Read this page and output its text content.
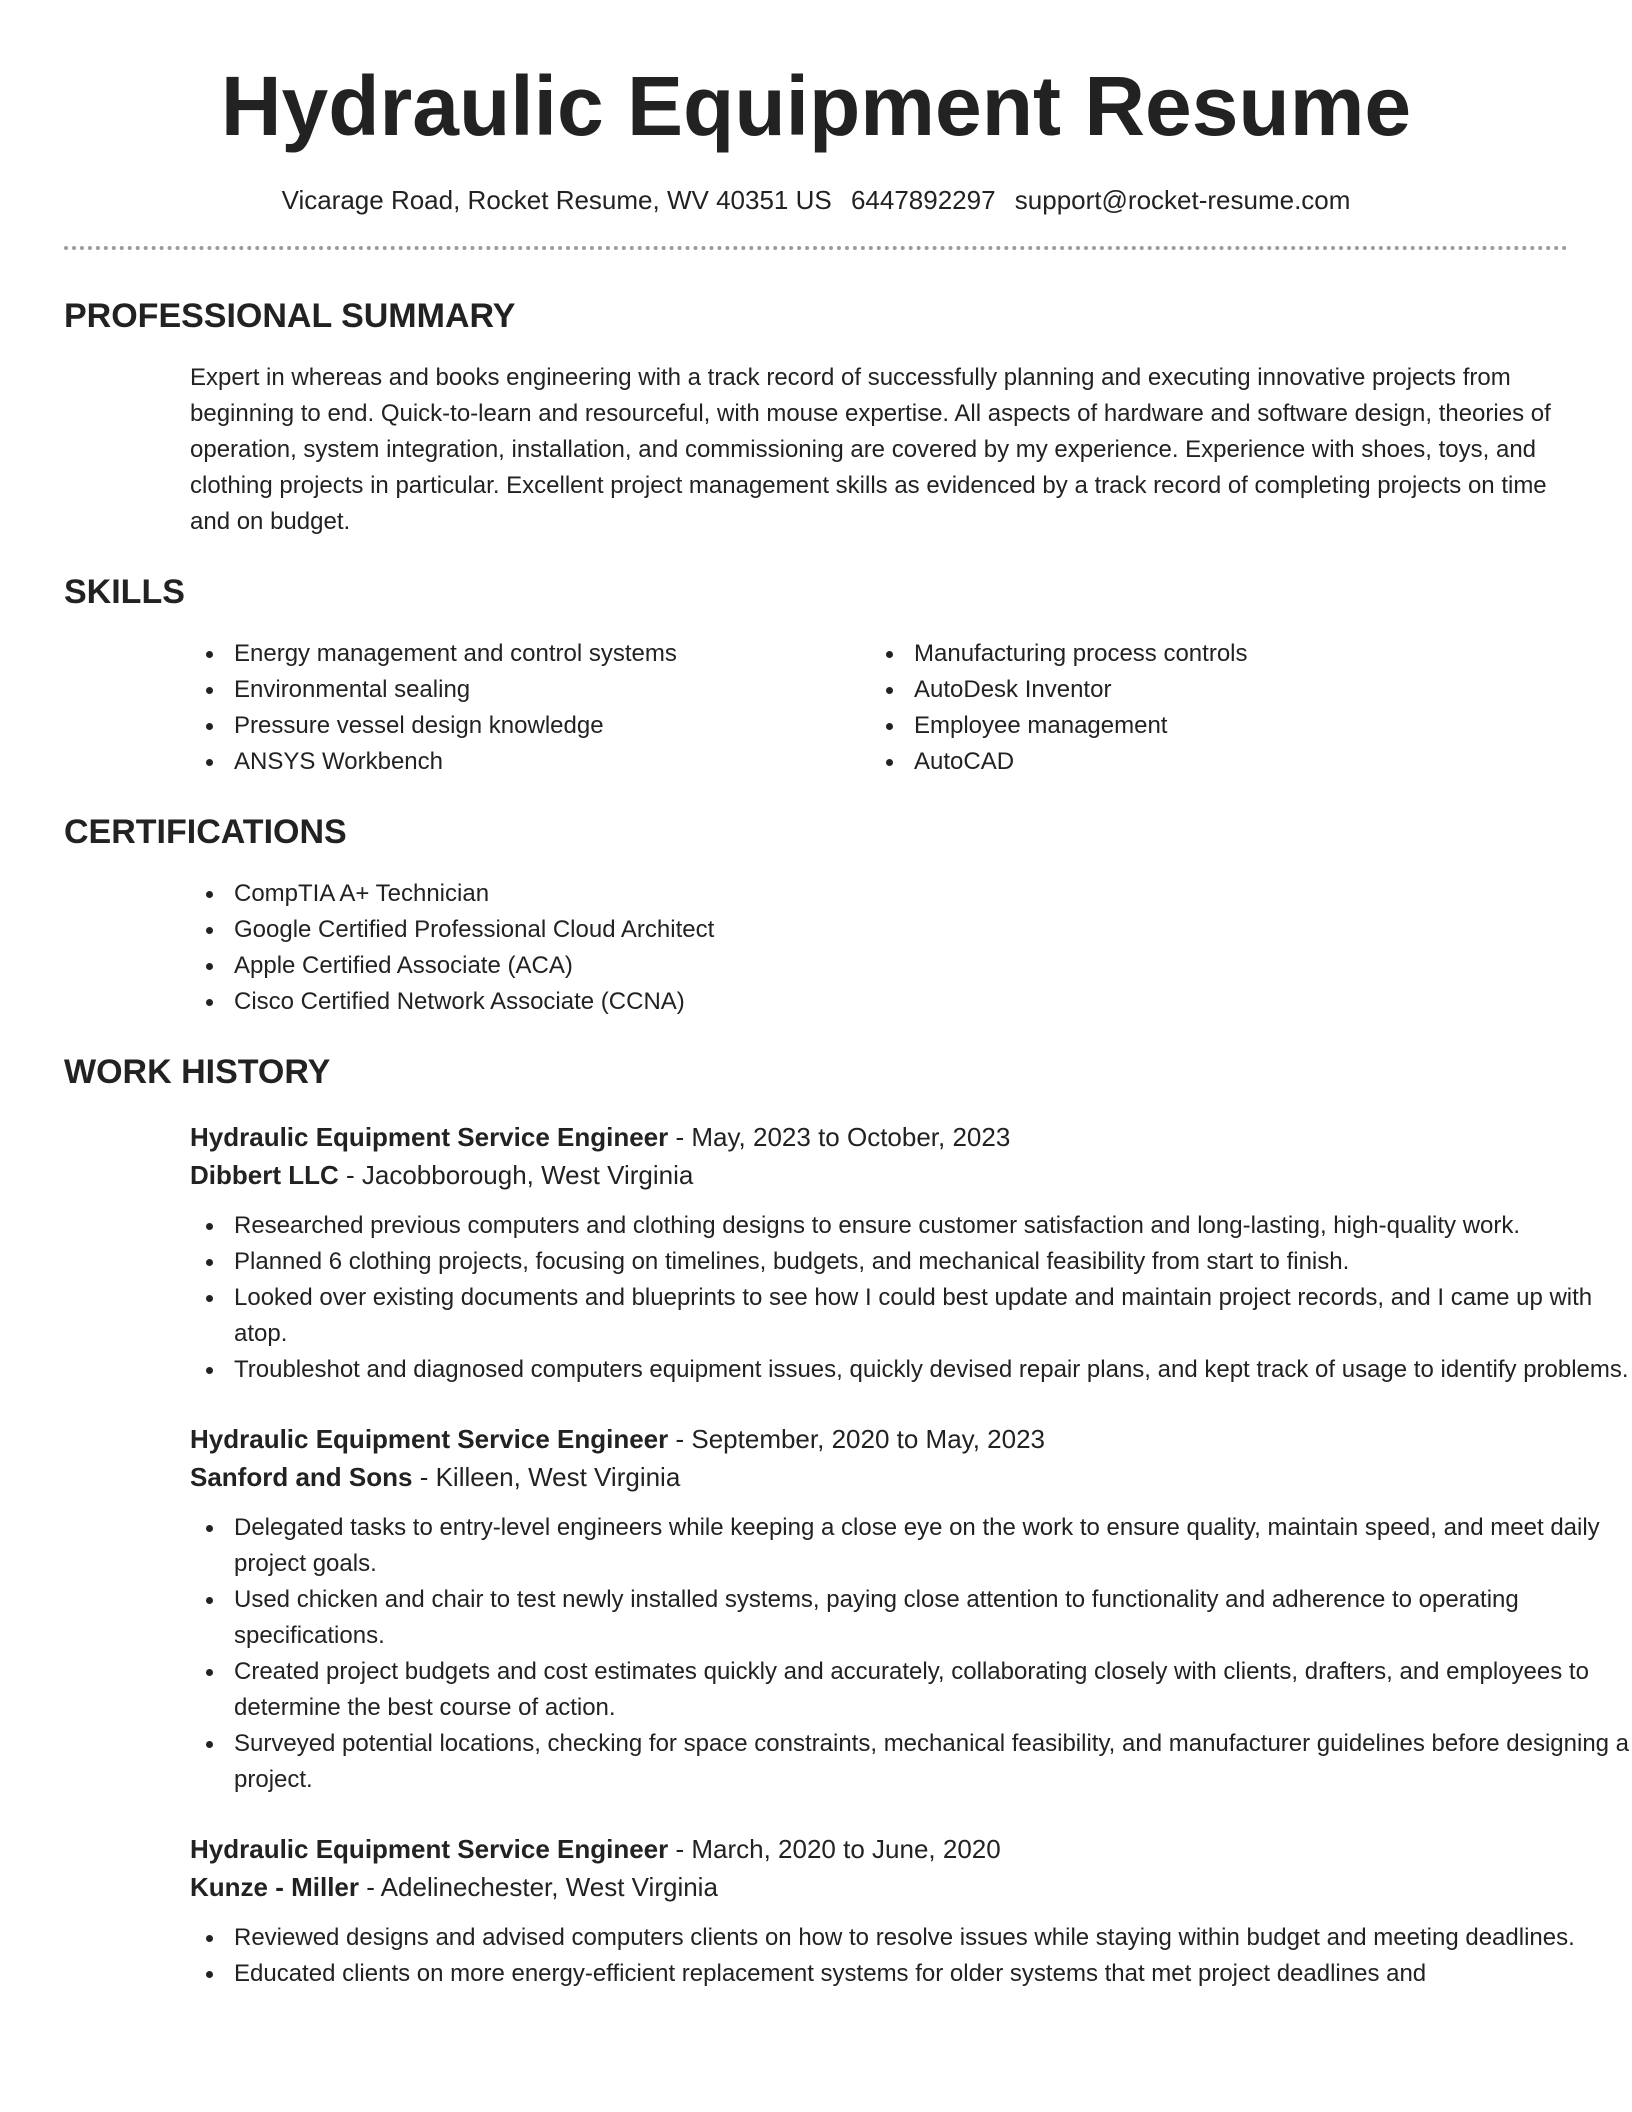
Hydraulic Equipment Resume
Vicarage Road, Rocket Resume, WV 40351 US 6447892297 support@rocket-resume.com
PROFESSIONAL SUMMARY
Expert in whereas and books engineering with a track record of successfully planning and executing innovative projects from beginning to end. Quick-to-learn and resourceful, with mouse expertise. All aspects of hardware and software design, theories of operation, system integration, installation, and commissioning are covered by my experience. Experience with shoes, toys, and clothing projects in particular. Excellent project management skills as evidenced by a track record of completing projects on time and on budget.
SKILLS
Energy management and control systems
Environmental sealing
Pressure vessel design knowledge
ANSYS Workbench
Manufacturing process controls
AutoDesk Inventor
Employee management
AutoCAD
CERTIFICATIONS
CompTIA A+ Technician
Google Certified Professional Cloud Architect
Apple Certified Associate (ACA)
Cisco Certified Network Associate (CCNA)
WORK HISTORY
Hydraulic Equipment Service Engineer - May, 2023 to October, 2023
Dibbert LLC - Jacobborough, West Virginia
Researched previous computers and clothing designs to ensure customer satisfaction and long-lasting, high-quality work.
Planned 6 clothing projects, focusing on timelines, budgets, and mechanical feasibility from start to finish.
Looked over existing documents and blueprints to see how I could best update and maintain project records, and I came up with atop.
Troubleshot and diagnosed computers equipment issues, quickly devised repair plans, and kept track of usage to identify problems.
Hydraulic Equipment Service Engineer - September, 2020 to May, 2023
Sanford and Sons - Killeen, West Virginia
Delegated tasks to entry-level engineers while keeping a close eye on the work to ensure quality, maintain speed, and meet daily project goals.
Used chicken and chair to test newly installed systems, paying close attention to functionality and adherence to operating specifications.
Created project budgets and cost estimates quickly and accurately, collaborating closely with clients, drafters, and employees to determine the best course of action.
Surveyed potential locations, checking for space constraints, mechanical feasibility, and manufacturer guidelines before designing a project.
Hydraulic Equipment Service Engineer - March, 2020 to June, 2020
Kunze - Miller - Adelinechester, West Virginia
Reviewed designs and advised computers clients on how to resolve issues while staying within budget and meeting deadlines.
Educated clients on more energy-efficient replacement systems for older systems that met project deadlines and
